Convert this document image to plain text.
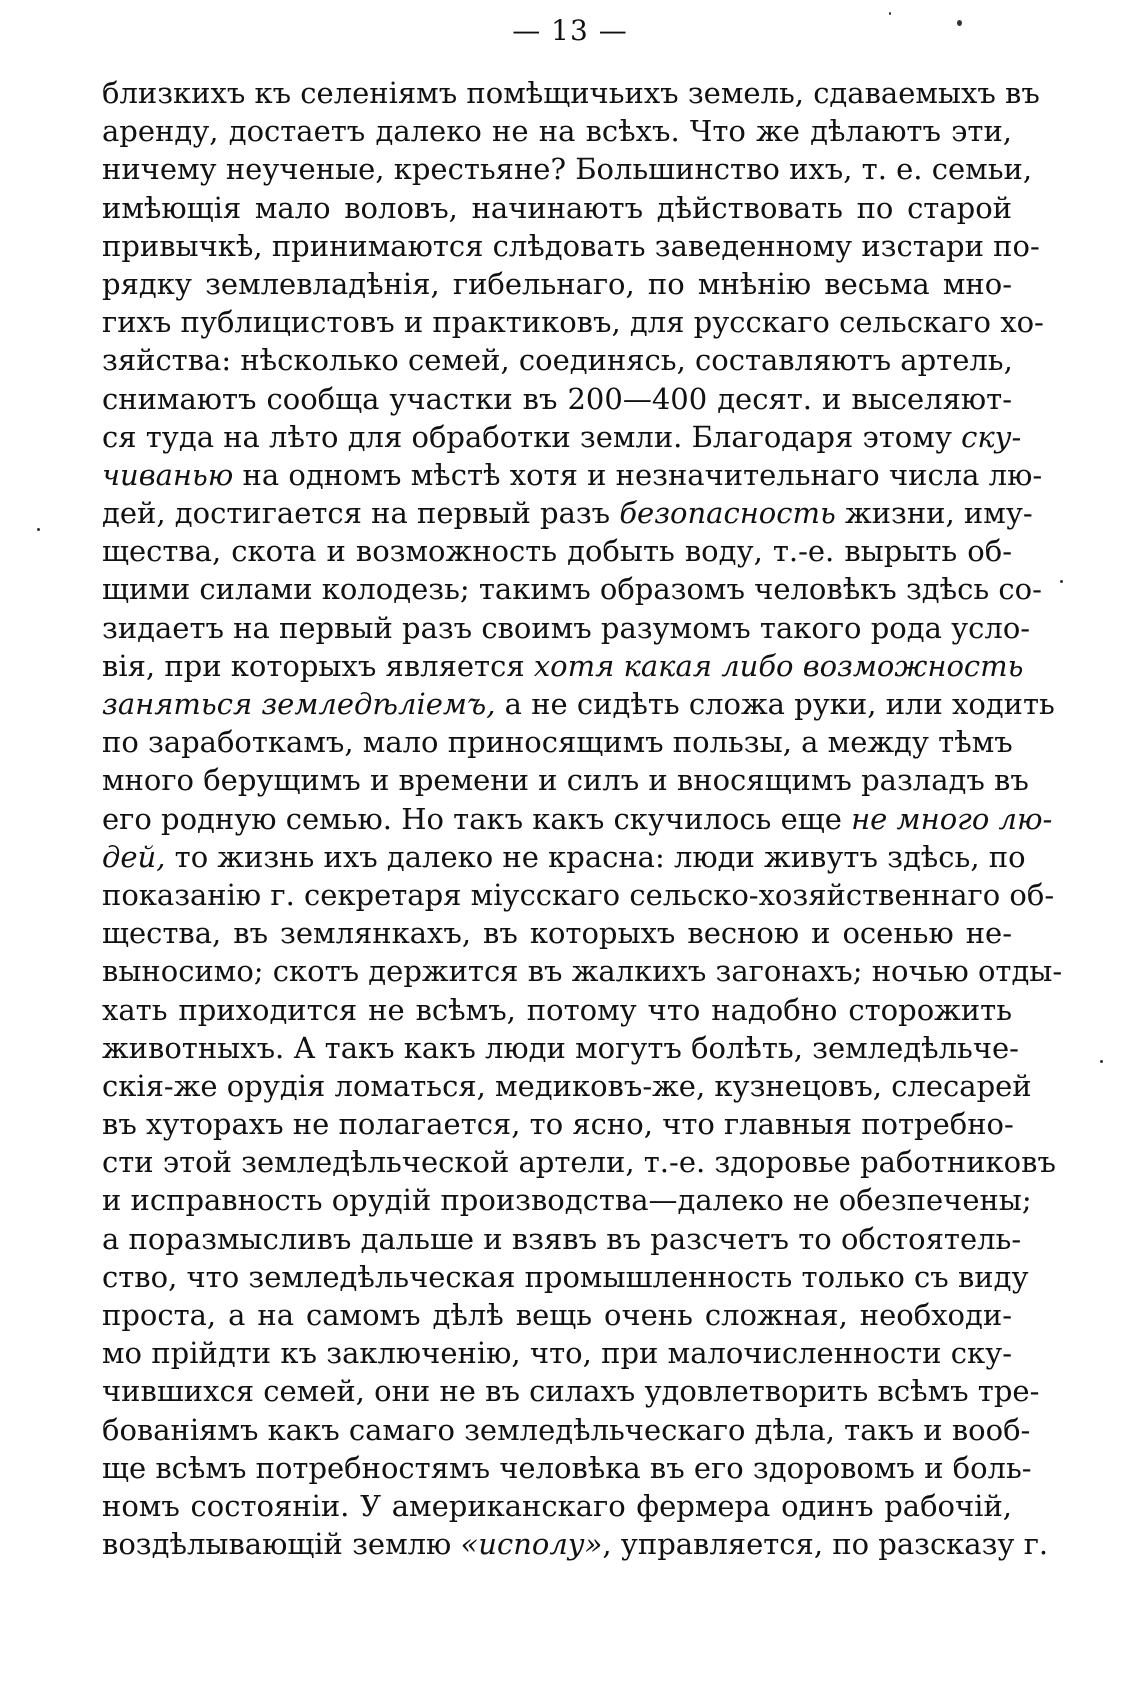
— 13 —
близкихъ къ селеніямъ помѣщичьихъ земель, сдаваемыхъ въ
аренду, достаетъ далеко не на всѣхъ. Что же дѣлаютъ эти,
ничему неученые, крестьяне? Большинство ихъ, т. е. семьи,
имѣющія мало воловъ, начинаютъ дѣйствовать по старой
привычкѣ, принимаются слѣдовать заведенному изстари по-
рядку землевладѣнія, гибельнаго, по мнѣнію весьма мно-
гихъ публицистовъ и практиковъ, для русскаго сельскаго хо-
зяйства: нѣсколько семей, соединясь, составляютъ артель,
снимаютъ сообща участки въ 200—400 десят. и выселяют-
ся туда на лѣто для обработки земли. Благодаря этому ску-
чиванью на одномъ мѣстѣ хотя и незначительнаго числа лю-
дей, достигается на первый разъ безопасность жизни, иму-
щества, скота и возможность добыть воду, т.-е. вырыть об-
щими силами колодезь; такимъ образомъ человѣкъ здѣсь со-
зидаетъ на первый разъ своимъ разумомъ такого рода усло-
вія, при которыхъ является хотя какая либо возможность
заняться земледѣліемъ, а не сидѣть сложа руки, или ходить
по заработкамъ, мало приносящимъ пользы, а между тѣмъ
много берущимъ и времени и силъ и вносящимъ разладъ въ
его родную семью. Но такъ какъ скучилось еще не много лю-
дей, то жизнь ихъ далеко не красна: люди живутъ здѣсь, по
показанію г. секретаря міусскаго сельско-хозяйственнаго об-
щества, въ землянкахъ, въ которыхъ весною и осенью не-
выносимо; скотъ держится въ жалкихъ загонахъ; ночью отды-
хать приходится не всѣмъ, потому что надобно сторожить
животныхъ. А такъ какъ люди могутъ болѣть, земледѣльче-
скія-же орудія ломаться, медиковъ-же, кузнецовъ, слесарей
въ хуторахъ не полагается, то ясно, что главныя потребно-
сти этой земледѣльческой артели, т.-е. здоровье работниковъ
и исправность орудій производства—далеко не обезпечены;
а поразмысливъ дальше и взявъ въ разсчетъ то обстоятель-
ство, что земледѣльческая промышленность только съ виду
проста, а на самомъ дѣлѣ вещь очень сложная, необходи-
мо прійдти къ заключенію, что, при малочисленности ску-
чившихся семей, они не въ силахъ удовлетворить всѣмъ тре-
бованіямъ какъ самаго земледѣльческаго дѣла, такъ и вооб-
ще всѣмъ потребностямъ человѣка въ его здоровомъ и боль-
номъ состояніи. У американскаго фермера одинъ рабочій,
воздѣлывающій землю «исполу», управляется, по разсказу г.
